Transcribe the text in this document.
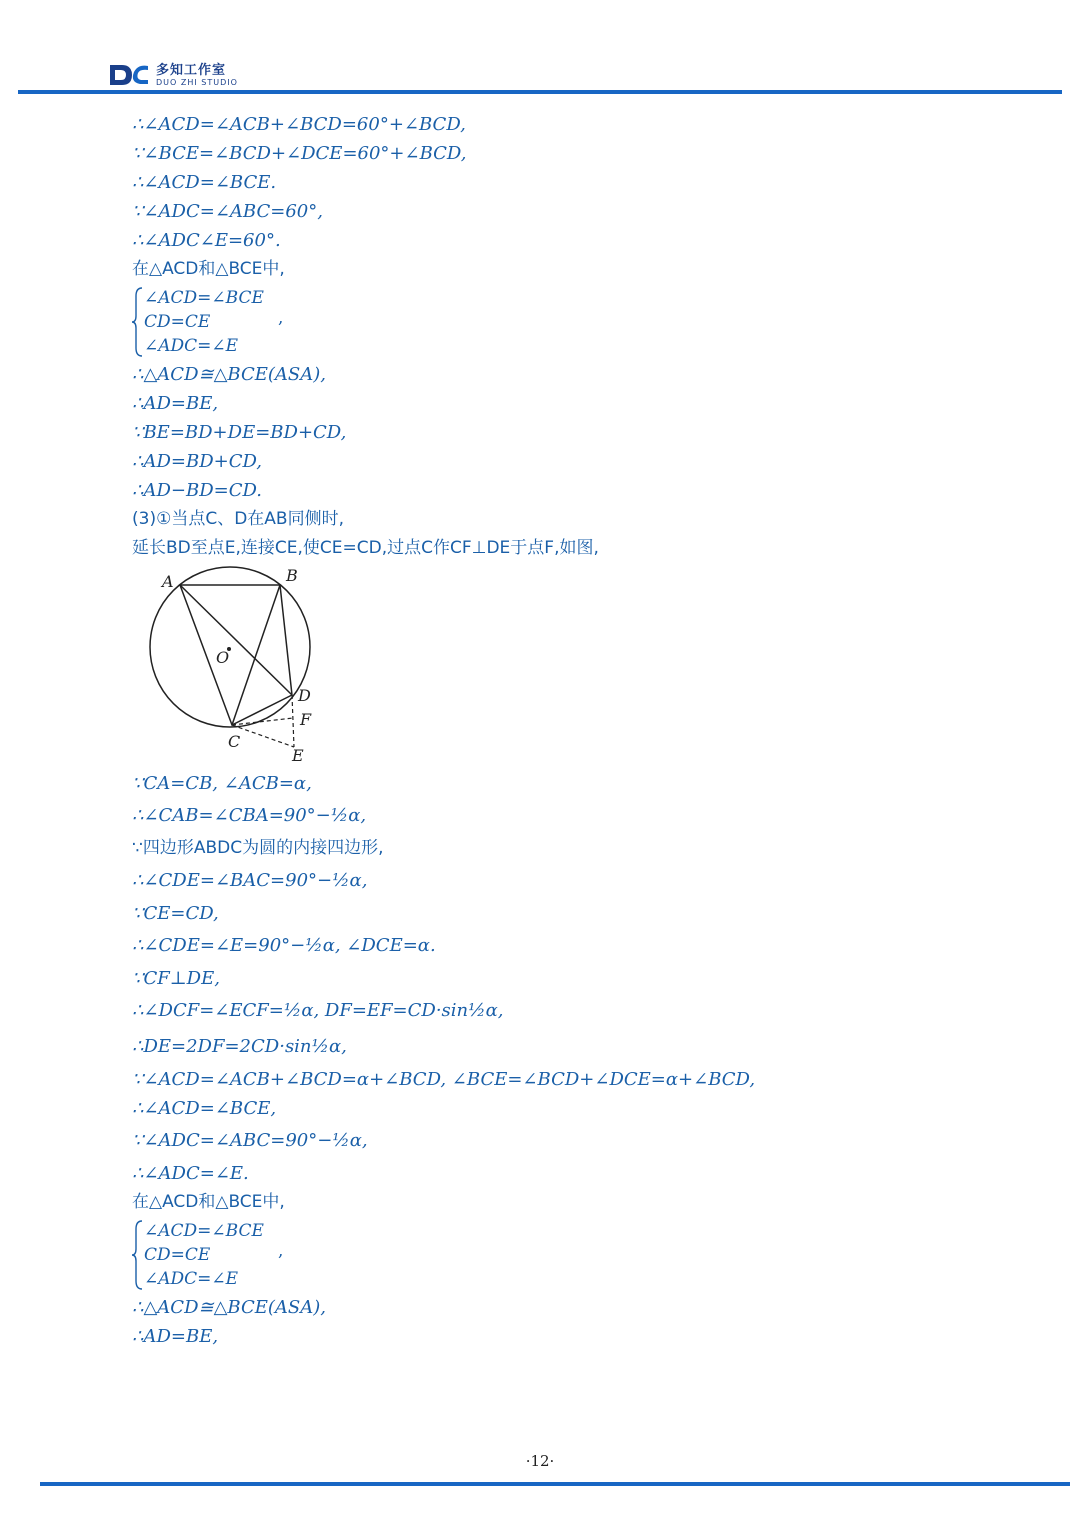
多知工作室
DUO ZHI STUDIO
∴∠ACD=∠ACB+∠BCD=60°+∠BCD,
∵∠BCE=∠BCD+∠DCE=60°+∠BCD,
∴∠ACD=∠BCE.
∵∠ADC=∠ABC=60°,
∴∠ADC∠E=60°.
在△ACD和△BCE中,
∠ACD=∠BCE
CD=CE
∠ADC=∠E
,
∴△ACD≅△BCE(ASA),
∴AD=BE,
∵BE=BD+DE=BD+CD,
∴AD=BD+CD,
∴AD−BD=CD.
(3)①当点C、D在AB同侧时,
延长BD至点E,连接CE,使CE=CD,过点C作CF⊥DE于点F,如图,
A	B
O
D
F
C
E
∵CA=CB, ∠ACB=α,
∴∠CAB=∠CBA=90°−½α,
∵四边形ABDC为圆的内接四边形,
∴∠CDE=∠BAC=90°−½α,
∵CE=CD,
∴∠CDE=∠E=90°−½α, ∠DCE=α.
∵CF⊥DE,
∴∠DCF=∠ECF=½α, DF=EF=CD·sin½α,
∴DE=2DF=2CD·sin½α,
∵∠ACD=∠ACB+∠BCD=α+∠BCD, ∠BCE=∠BCD+∠DCE=α+∠BCD,
∴∠ACD=∠BCE,
∵∠ADC=∠ABC=90°−½α,
∴∠ADC=∠E.
在△ACD和△BCE中,
∠ACD=∠BCE
CD=CE
∠ADC=∠E
,
∴△ACD≅△BCE(ASA),
∴AD=BE,
·12·
